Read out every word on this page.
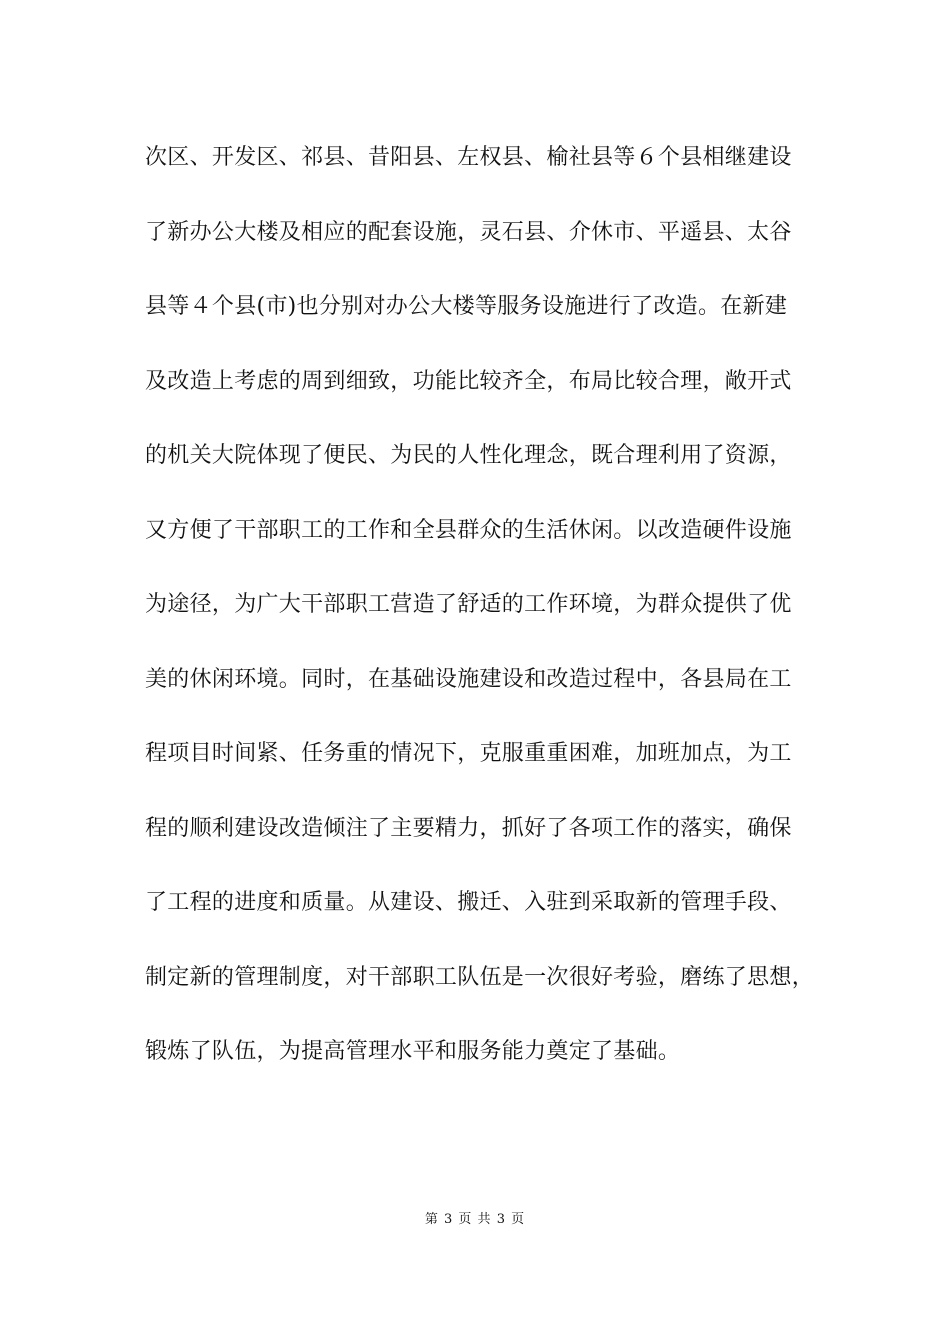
次区、开发区、祁县、昔阳县、左权县、榆社县等６个县相继建设
了新办公大楼及相应的配套设施，灵石县、介休市、平遥县、太谷
县等４个县(市)也分别对办公大楼等服务设施进行了改造。在新建
及改造上考虑的周到细致，功能比较齐全，布局比较合理，敞开式
的机关大院体现了便民、为民的人性化理念，既合理利用了资源，
又方便了干部职工的工作和全县群众的生活休闲。以改造硬件设施
为途径，为广大干部职工营造了舒适的工作环境，为群众提供了优
美的休闲环境。同时，在基础设施建设和改造过程中，各县局在工
程项目时间紧、任务重的情况下，克服重重困难，加班加点，为工
程的顺利建设改造倾注了主要精力，抓好了各项工作的落实，确保
了工程的进度和质量。从建设、搬迁、入驻到采取新的管理手段、
制定新的管理制度，对干部职工队伍是一次很好考验，磨练了思想，
锻炼了队伍，为提高管理水平和服务能力奠定了基础。
第 3 页 共 3 页
